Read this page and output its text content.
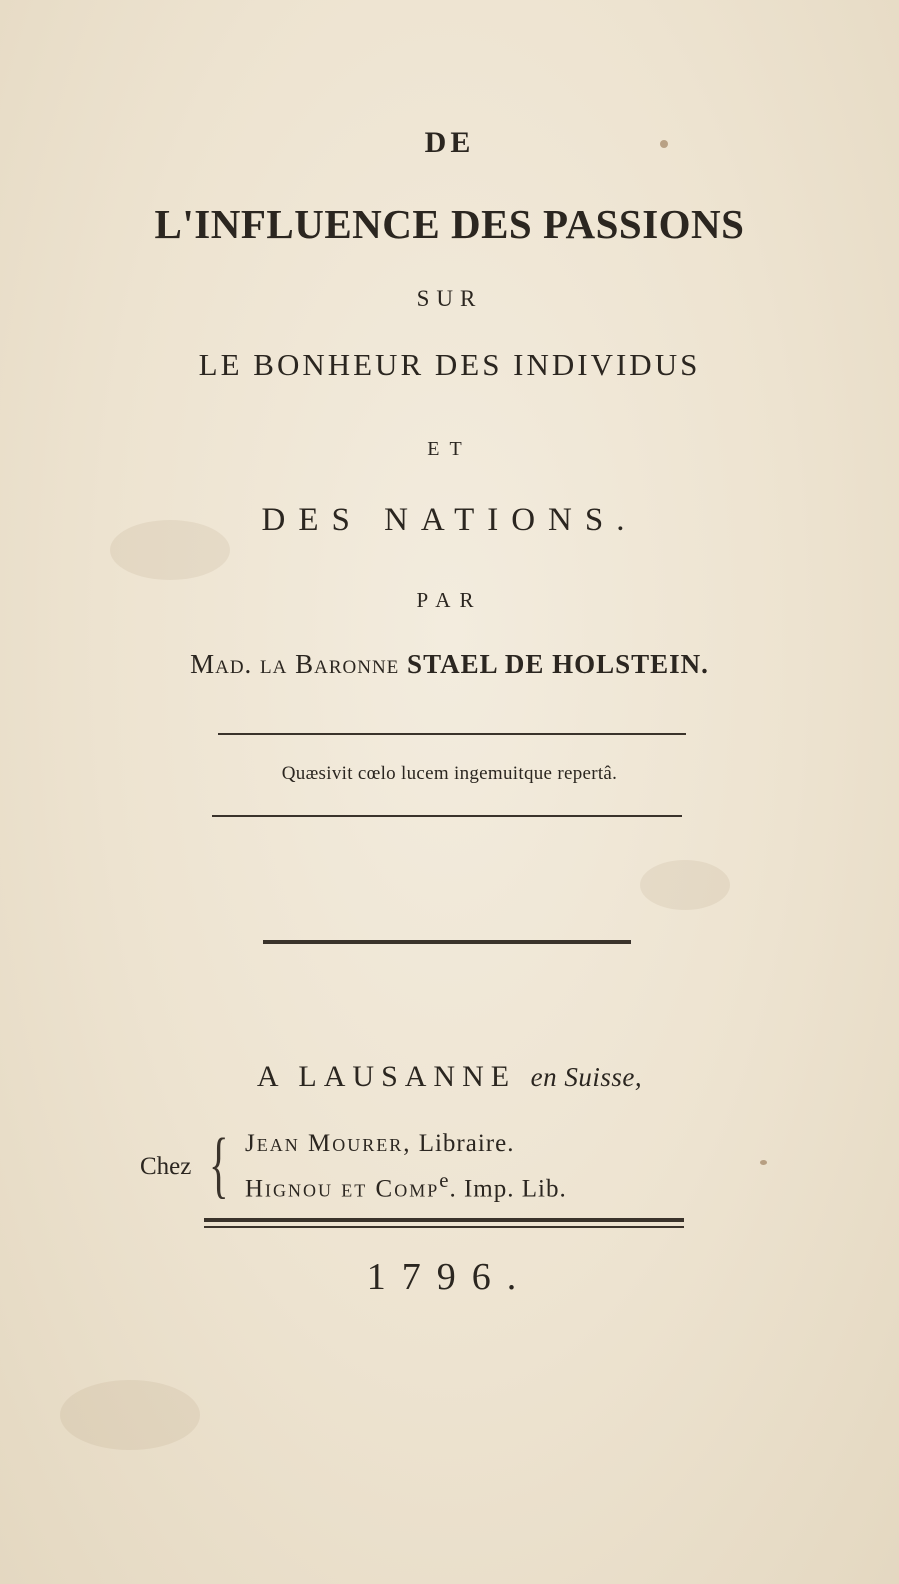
DE
L'INFLUENCE DES PASSIONS
SUR
LE BONHEUR DES INDIVIDUS
ET
DES NATIONS.
PAR
Mad. la Baronne STAEL DE HOLSTEIN.
Quæsivit cœlo lucem ingemuitque repertâ.
A LAUSANNE en Suisse,
Chez { Jean Mourer, Libraire.
Hignou et Comp$^e$. Imp. Lib.
1796.
